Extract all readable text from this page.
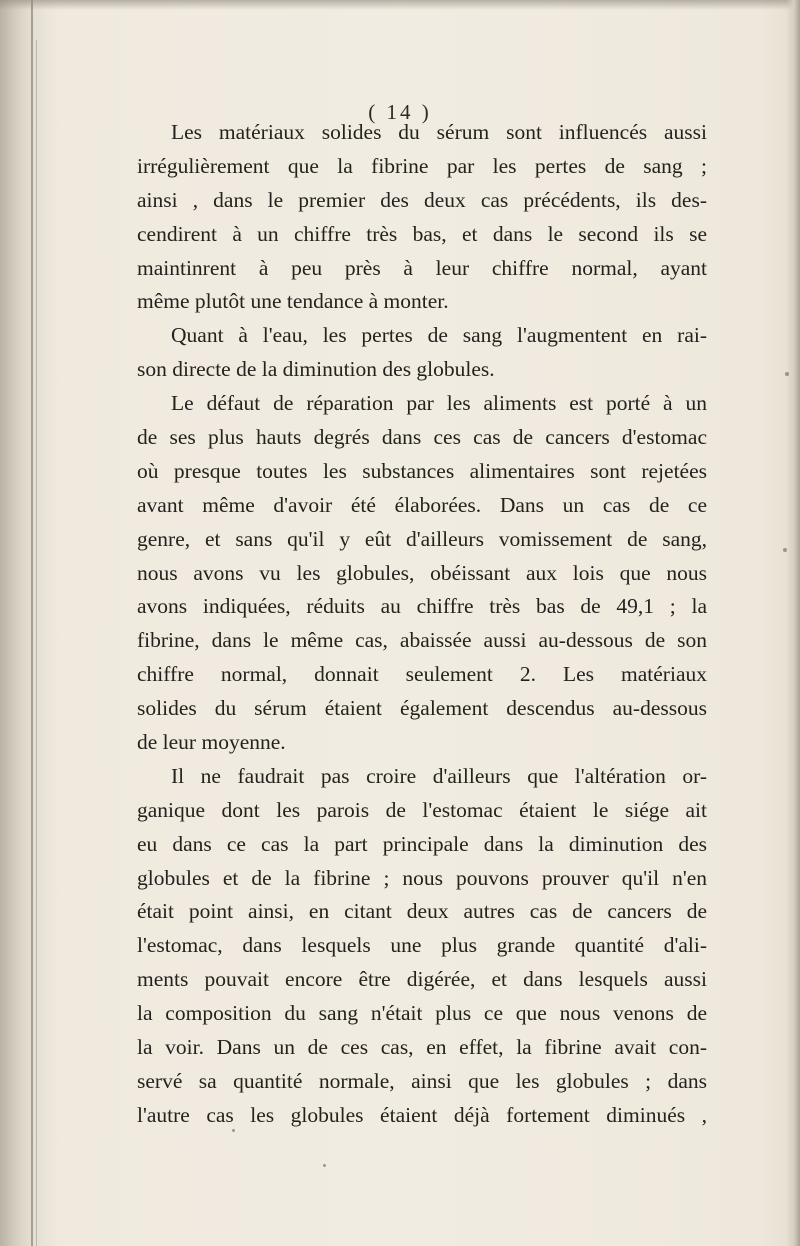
( 14 )
Les matériaux solides du sérum sont influencés aussi
irrégulièrement que la fibrine par les pertes de sang ;
ainsi , dans le premier des deux cas précédents, ils des-
cendirent à un chiffre très bas, et dans le second ils se
maintinrent à peu près à leur chiffre normal, ayant
même plutôt une tendance à monter.
Quant à l'eau, les pertes de sang l'augmentent en rai-
son directe de la diminution des globules.
Le défaut de réparation par les aliments est porté à un
de ses plus hauts degrés dans ces cas de cancers d'estomac
où presque toutes les substances alimentaires sont rejetées
avant même d'avoir été élaborées. Dans un cas de ce
genre, et sans qu'il y eût d'ailleurs vomissement de sang,
nous avons vu les globules, obéissant aux lois que nous
avons indiquées, réduits au chiffre très bas de 49,1 ; la
fibrine, dans le même cas, abaissée aussi au-dessous de son
chiffre normal, donnait seulement 2. Les matériaux
solides du sérum étaient également descendus au-dessous
de leur moyenne.
Il ne faudrait pas croire d'ailleurs que l'altération or-
ganique dont les parois de l'estomac étaient le siége ait
eu dans ce cas la part principale dans la diminution des
globules et de la fibrine ; nous pouvons prouver qu'il n'en
était point ainsi, en citant deux autres cas de cancers de
l'estomac, dans lesquels une plus grande quantité d'ali-
ments pouvait encore être digérée, et dans lesquels aussi
la composition du sang n'était plus ce que nous venons de
la voir. Dans un de ces cas, en effet, la fibrine avait con-
servé sa quantité normale, ainsi que les globules ; dans
l'autre cas les globules étaient déjà fortement diminués ,
